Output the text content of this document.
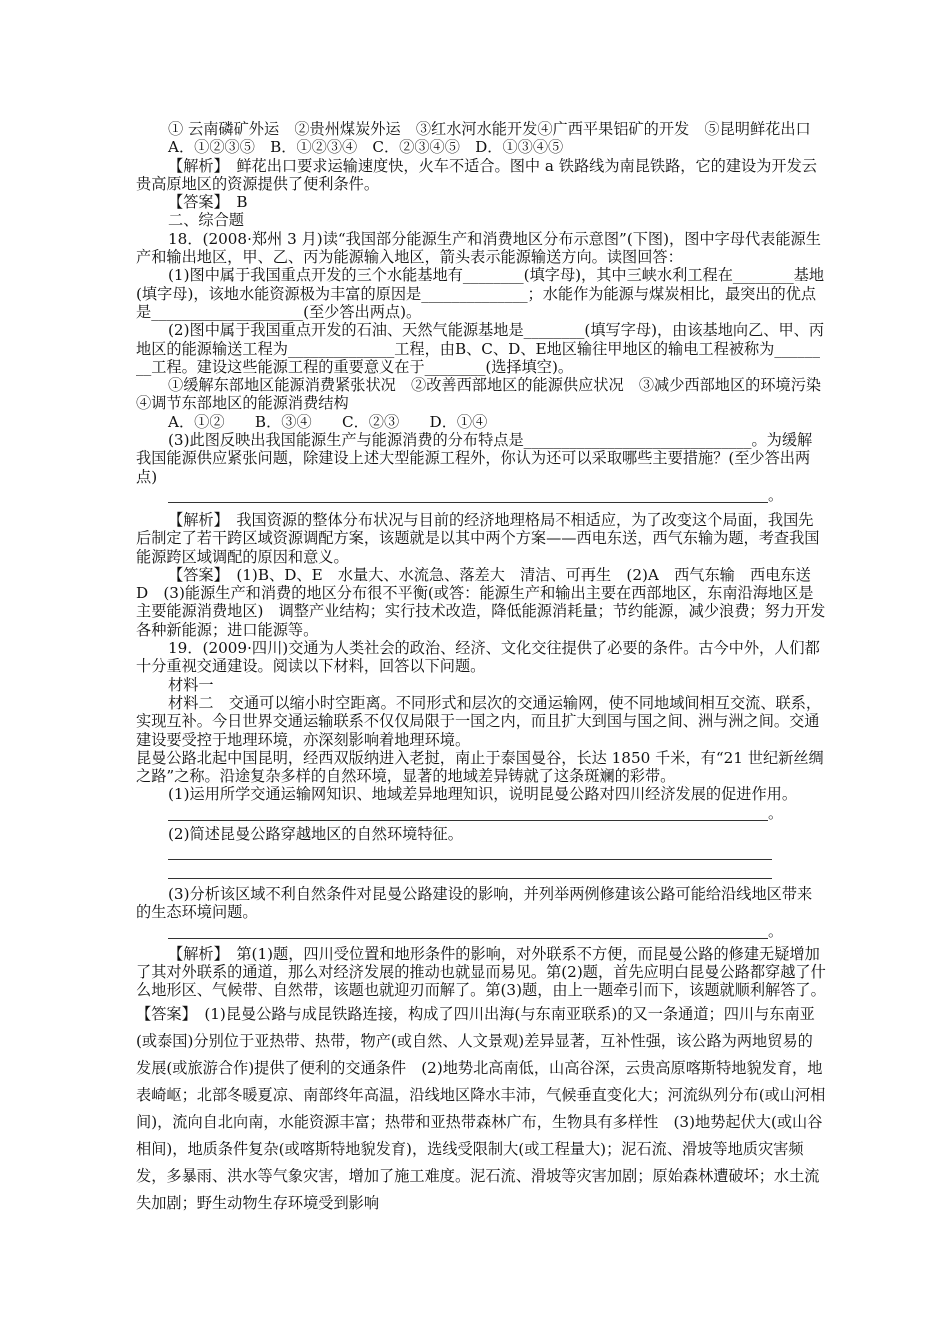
① 云南磷矿外运　②贵州煤炭外运　③红水河水能开发④广西平果铝矿的开发　⑤昆明鲜花出口

A．①②③⑤　B．①②③④　C．②③④⑤　D．①③④⑤

【解析】　鲜花出口要求运输速度快，火车不适合。图中 a 铁路线为南昆铁路，它的建设为开发云贵高原地区的资源提供了便利条件。

【答案】　B

二、综合题

18．(2008·郑州 3 月)读“我国部分能源生产和消费地区分布示意图”(下图)，图中字母代表能源生产和输出地区，甲、乙、丙为能源输入地区，箭头表示能源输送方向。读图回答：

(1)图中属于我国重点开发的三个水能基地有________(填字母)，其中三峡水利工程在________基地(填字母)，该地水能资源极为丰富的原因是______________；水能作为能源与煤炭相比，最突出的优点是____________________(至少答出两点)。

(2)图中属于我国重点开发的石油、天然气能源基地是________(填写字母)，由该基地向乙、甲、丙地区的能源输送工程为______________工程，由B、C、D、E地区输往甲地区的输电工程被称为________工程。建设这些能源工程的重要意义在于________(选择填空)。

①缓解东部地区能源消费紧张状况　②改善西部地区的能源供应状况　③减少西部地区的环境污染　④调节东部地区的能源消费结构

A．①②　　B．③④　　C．②③　　D．①④

(3)此图反映出我国能源生产与能源消费的分布特点是______________________________。为缓解我国能源供应紧张问题，除建设上述大型能源工程外，你认为还可以采取哪些主要措施？(至少答出两点)

。

【解析】　我国资源的整体分布状况与目前的经济地理格局不相适应，为了改变这个局面，我国先后制定了若干跨区域资源调配方案，该题就是以其中两个方案——西电东送，西气东输为题，考查我国能源跨区域调配的原因和意义。

【答案】　(1)B、D、E　水量大、水流急、落差大　清洁、可再生　(2)A　西气东输　西电东送　D　(3)能源生产和消费的地区分布很不平衡(或答：能源生产和输出主要在西部地区，东南沿海地区是主要能源消费地区)　调整产业结构；实行技术改造，降低能源消耗量；节约能源，减少浪费；努力开发各种新能源；进口能源等。

19．(2009·四川)交通为人类社会的政治、经济、文化交往提供了必要的条件。古今中外，人们都十分重视交通建设。阅读以下材料，回答以下问题。

材料一

材料二　交通可以缩小时空距离。不同形式和层次的交通运输网，使不同地域间相互交流、联系，实现互补。今日世界交通运输联系不仅仅局限于一国之内，而且扩大到国与国之间、洲与洲之间。交通建设要受控于地理环境，亦深刻影响着地理环境。

昆曼公路北起中国昆明，经西双版纳进入老挝，南止于泰国曼谷，长达 1850 千米，有“21 世纪新丝绸之路”之称。沿途复杂多样的自然环境，显著的地域差异铸就了这条斑斓的彩带。

(1)运用所学交通运输网知识、地域差异地理知识，说明昆曼公路对四川经济发展的促进作用。

。

(2)简述昆曼公路穿越地区的自然环境特征。

(3)分析该区域不利自然条件对昆曼公路建设的影响，并列举两例修建该公路可能给沿线地区带来的生态环境问题。

。

【解析】　第(1)题，四川受位置和地形条件的影响，对外联系不方便，而昆曼公路的修建无疑增加了其对外联系的通道，那么对经济发展的推动也就显而易见。第(2)题，首先应明白昆曼公路都穿越了什么地形区、气候带、自然带，该题也就迎刃而解了。第(3)题，由上一题牵引而下，该题就顺利解答了。

【答案】　(1)昆曼公路与成昆铁路连接，构成了四川出海(与东南亚联系)的又一条通道；四川与东南亚(或泰国)分别位于亚热带、热带，物产(或自然、人文景观)差异显著，互补性强，该公路为两地贸易的发展(或旅游合作)提供了便利的交通条件　(2)地势北高南低，山高谷深，云贵高原喀斯特地貌发育，地表崎岖；北部冬暖夏凉、南部终年高温，沿线地区降水丰沛，气候垂直变化大；河流纵列分布(或山河相间)，流向自北向南，水能资源丰富；热带和亚热带森林广布，生物具有多样性　(3)地势起伏大(或山谷相间)，地质条件复杂(或喀斯特地貌发育)，选线受限制大(或工程量大)；泥石流、滑坡等地质灾害频发，多暴雨、洪水等气象灾害，增加了施工难度。泥石流、滑坡等灾害加剧；原始森林遭破坏；水土流失加剧；野生动物生存环境受到影响
